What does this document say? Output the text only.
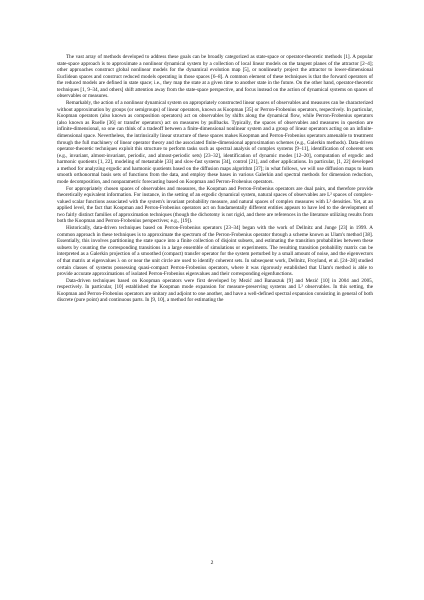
The vast array of methods developed to address these goals can be broadly categorized as state-space or operator-theoretic methods [1]. A popular state-space approach is to approximate a nonlinear dynamical system by a collection of local linear models on the tangent planes of the attractor [2–4]; other approaches construct global nonlinear models for the dynamical evolution map [5], or nonlinearly project the attractor to lower-dimensional Euclidean spaces and construct reduced models operating in those spaces [6–8]. A common element of these techniques is that the forward operators of the reduced models are defined in state space; i.e., they map the state at a given time to another state in the future. On the other hand, operator-theoretic techniques [1, 9–34, and others] shift attention away from the state-space perspective, and focus instead on the action of dynamical systems on spaces of observables or measures.

Remarkably, the action of a nonlinear dynamical system on appropriately constructed linear spaces of observables and measures can be characterized without approximation by groups (or semigroups) of linear operators, known as Koopman [35] or Perron-Frobenius operators, respectively. In particular, Koopman operators (also known as composition operators) act on observables by shifts along the dynamical flow, while Perron-Frobenius operators (also known as Ruelle [36] or transfer operators) act on measures by pullbacks. Typically, the spaces of observables and measures in question are infinite-dimensional, so one can think of a tradeoff between a finite-dimensional nonlinear system and a group of linear operators acting on an infinite-dimensional space. Nevertheless, the intrinsically linear structure of these spaces makes Koopman and Perron-Frobenius operators amenable to treatment through the full machinery of linear operator theory and the associated finite-dimensional approximation schemes (e.g., Galerkin methods). Data-driven operator-theoretic techniques exploit this structure to perform tasks such as spectral analysis of complex systems [9–11], identification of coherent sets (e.g., invariant, almost-invariant, periodic, and almost-periodic sets) [23–32], identification of dynamic modes [12–20], computation of ergodic and harmonic quotients [1, 22], modeling of metastable [33] and slow-fast systems [34], control [21], and other applications. In particular, [1, 22] developed a method for analyzing ergodic and harmonic quotients based on the diffusion maps algorithm [37]; in what follows, we will use diffusion maps to learn smooth orthonormal basis sets of functions from the data, and employ these bases in various Galerkin and spectral methods for dimension reduction, mode decomposition, and nonparametric forecasting based on Koopman and Perron-Frobenius operators.

For appropriately chosen spaces of observables and measures, the Koopman and Perron-Frobenius operators are dual pairs, and therefore provide theoretically equivalent information. For instance, in the setting of an ergodic dynamical system, natural spaces of observables are L² spaces of complex-valued scalar functions associated with the system's invariant probability measure, and natural spaces of complex measures with L² densities. Yet, at an applied level, the fact that Koopman and Perron-Frobenius operators act on fundamentally different entities appears to have led to the development of two fairly distinct families of approximation techniques (though the dichotomy is not rigid, and there are references in the literature utilizing results from both the Koopman and Perron-Frobenius perspectives; e.g., [19]).

Historically, data-driven techniques based on Perron-Frobenius operators [23–34] began with the work of Dellnitz and Junge [23] in 1999. A common approach in these techniques is to approximate the spectrum of the Perron-Frobenius operator through a scheme known as Ulam's method [38]. Essentially, this involves partitioning the state space into a finite collection of disjoint subsets, and estimating the transition probabilities between these subsets by counting the corresponding transitions in a large ensemble of simulations or experiments. The resulting transition probability matrix can be interpreted as a Galerkin projection of a smoothed (compact) transfer operator for the system perturbed by a small amount of noise, and the eigenvectors of that matrix at eigenvalues λ on or near the unit circle are used to identify coherent sets. In subsequent work, Dellnitz, Froyland, et al. [24–28] studied certain classes of systems possessing quasi-compact Perron-Frobenius operators, where it was rigorously established that Ulam's method is able to provide accurate approximations of isolated Perron-Frobenius eigenvalues and their corresponding eigenfunctions.

Data-driven techniques based on Koopman operators were first developed by Mezić and Banaszuk [9] and Mezić [10] in 2004 and 2005, respectively. In particular, [10] established the Koopman mode expansion for measure-preserving systems and L² observables. In this setting, the Koopman and Perron-Frobenius operators are unitary and adjoint to one another, and have a well-defined spectral expansion consisting in general of both discrete (pure point) and continuous parts. In [9, 10], a method for estimating the

2
